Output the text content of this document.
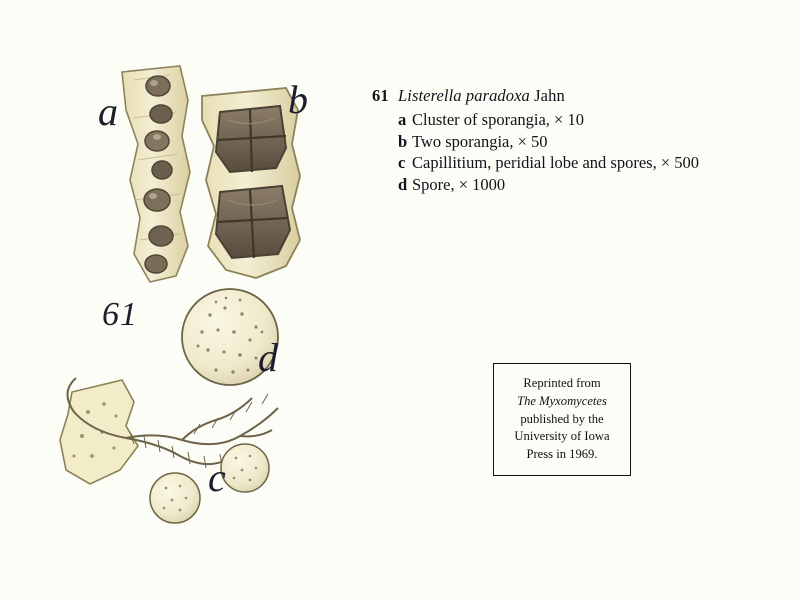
a	b
d
c
61
61 Listerella paradoxa Jahn
a Cluster of sporangia, × 10
b Two sporangia, × 50
c Capillitium, peridial lobe and spores, × 500
d Spore, × 1000
Reprinted from
The Myxomycetes
published by the
University of Iowa
Press in 1969.
